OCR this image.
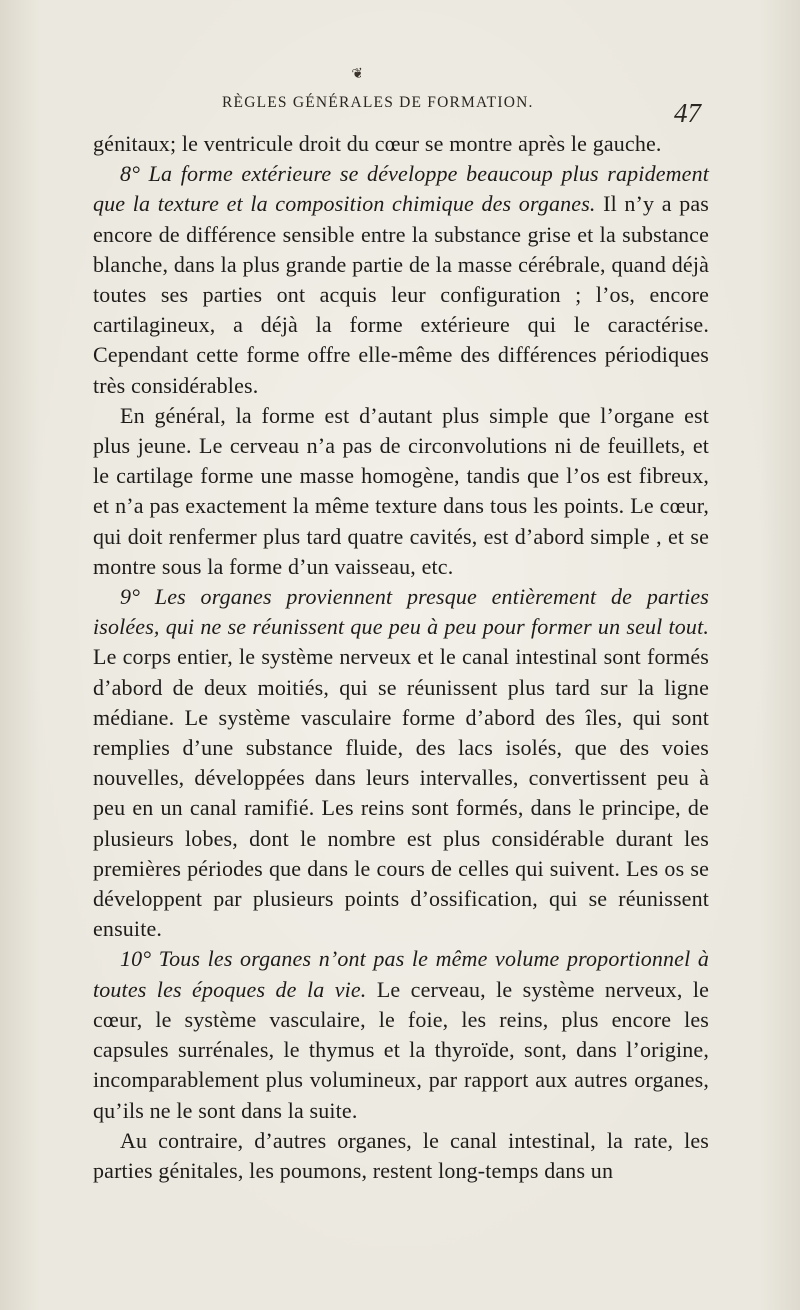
❦
RÈGLES GÉNÉRALES DE FORMATION.	47

génitaux; le ventricule droit du cœur se montre après le gauche.

8° La forme extérieure se développe beaucoup plus rapidement que la texture et la composition chimique des organes. Il n’y a pas encore de différence sensible entre la substance grise et la substance blanche, dans la plus grande partie de la masse cérébrale, quand déjà toutes ses parties ont acquis leur configuration ; l’os, encore cartilagineux, a déjà la forme extérieure qui le caractérise. Cependant cette forme offre elle-même des différences périodiques très considérables.

En général, la forme est d’autant plus simple que l’organe est plus jeune. Le cerveau n’a pas de circonvolutions ni de feuillets, et le cartilage forme une masse homogène, tandis que l’os est fibreux, et n’a pas exactement la même texture dans tous les points. Le cœur, qui doit renfermer plus tard quatre cavités, est d’abord simple , et se montre sous la forme d’un vaisseau, etc.

9° Les organes proviennent presque entièrement de parties isolées, qui ne se réunissent que peu à peu pour former un seul tout. Le corps entier, le système nerveux et le canal intestinal sont formés d’abord de deux moitiés, qui se réunissent plus tard sur la ligne médiane. Le système vasculaire forme d’abord des îles, qui sont remplies d’une substance fluide, des lacs isolés, que des voies nouvelles, développées dans leurs intervalles, convertissent peu à peu en un canal ramifié. Les reins sont formés, dans le principe, de plusieurs lobes, dont le nombre est plus considérable durant les premières périodes que dans le cours de celles qui suivent. Les os se développent par plusieurs points d’ossification, qui se réunissent ensuite.

10° Tous les organes n’ont pas le même volume proportionnel à toutes les époques de la vie. Le cerveau, le système nerveux, le cœur, le système vasculaire, le foie, les reins, plus encore les capsules surrénales, le thymus et la thyroïde, sont, dans l’origine, incomparablement plus volumineux, par rapport aux autres organes, qu’ils ne le sont dans la suite.

Au contraire, d’autres organes, le canal intestinal, la rate, les parties génitales, les poumons, restent long-temps dans un
